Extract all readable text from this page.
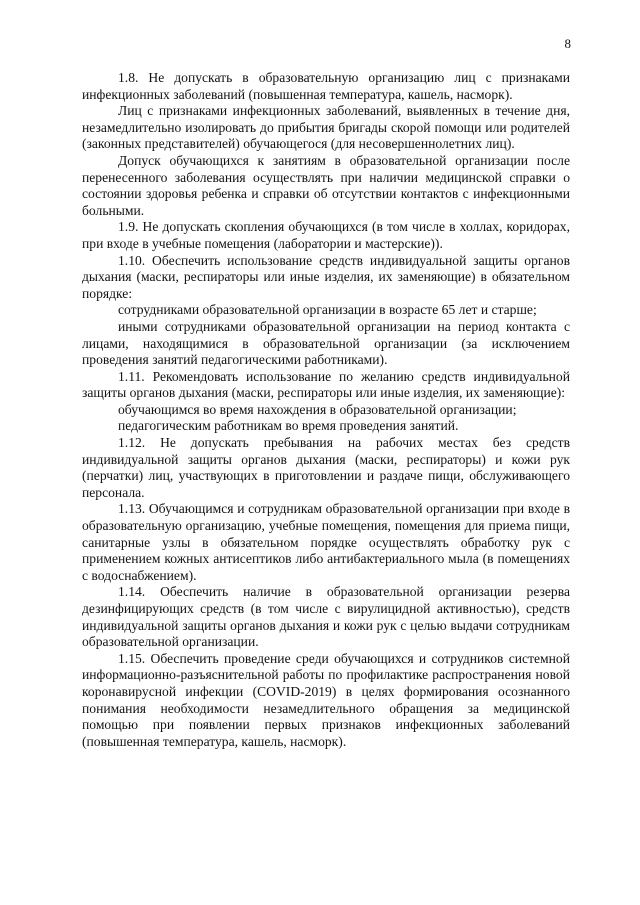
8

1.8. Не допускать в образовательную организацию лиц с признаками инфекционных заболеваний (повышенная температура, кашель, насморк).

Лиц с признаками инфекционных заболеваний, выявленных в течение дня, незамедлительно изолировать до прибытия бригады скорой помощи или родителей (законных представителей) обучающегося (для несовершеннолетних лиц).

Допуск обучающихся к занятиям в образовательной организации после перенесенного заболевания осуществлять при наличии медицинской справки о состоянии здоровья ребенка и справки об отсутствии контактов с инфекционными больными.

1.9. Не допускать скопления обучающихся (в том числе в холлах, коридорах, при входе в учебные помещения (лаборатории и мастерские)).

1.10. Обеспечить использование средств индивидуальной защиты органов дыхания (маски, респираторы или иные изделия, их заменяющие) в обязательном порядке:

сотрудниками образовательной организации в возрасте 65 лет и старше;

иными сотрудниками образовательной организации на период контакта с лицами, находящимися в образовательной организации (за исключением проведения занятий педагогическими работниками).

1.11. Рекомендовать использование по желанию средств индивидуальной защиты органов дыхания (маски, респираторы или иные изделия, их заменяющие):

обучающимся во время нахождения в образовательной организации;

педагогическим работникам во время проведения занятий.

1.12. Не допускать пребывания на рабочих местах без средств индивидуальной защиты органов дыхания (маски, респираторы) и кожи рук (перчатки) лиц, участвующих в приготовлении и раздаче пищи, обслуживающего персонала.

1.13. Обучающимся и сотрудникам образовательной организации при входе в образовательную организацию, учебные помещения, помещения для приема пищи, санитарные узлы в обязательном порядке осуществлять обработку рук с применением кожных антисептиков либо антибактериального мыла (в помещениях с водоснабжением).

1.14. Обеспечить наличие в образовательной организации резерва дезинфицирующих средств (в том числе с вирулицидной активностью), средств индивидуальной защиты органов дыхания и кожи рук с целью выдачи сотрудникам образовательной организации.

1.15. Обеспечить проведение среди обучающихся и сотрудников системной информационно-разъяснительной работы по профилактике распространения новой коронавирусной инфекции (COVID-2019) в целях формирования осознанного понимания необходимости незамедлительного обращения за медицинской помощью при появлении первых признаков инфекционных заболеваний (повышенная температура, кашель, насморк).
